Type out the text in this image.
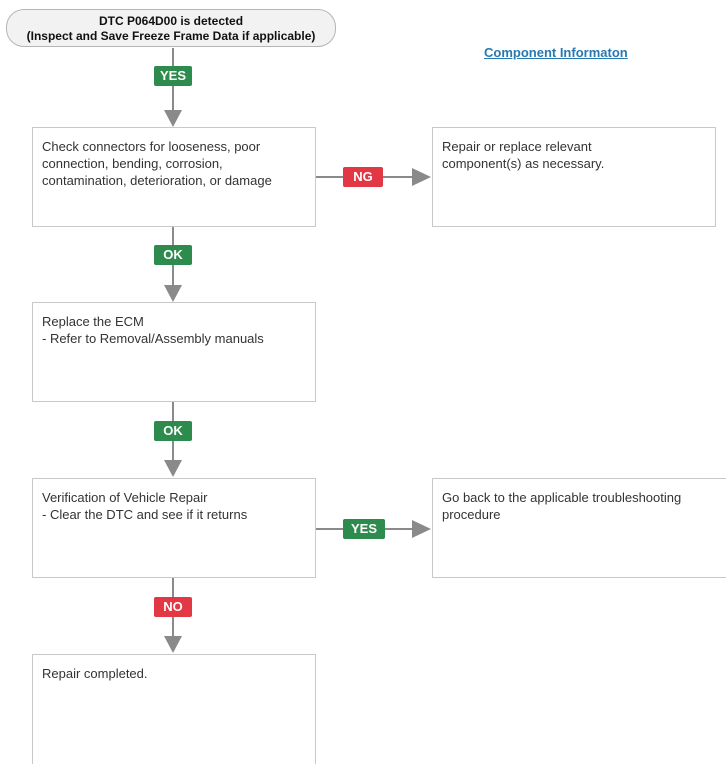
DTC P064D00 is detected
(Inspect and Save Freeze Frame Data if applicable)
Component Informaton
YES
Check connectors for looseness, poor
connection, bending, corrosion,
contamination, deterioration, or damage	NG
Repair or replace relevant
component(s) as necessary.
OK
Replace the ECM
- Refer to Removal/Assembly manuals
OK
Verification of Vehicle Repair
- Clear the DTC and see if it returns
YES
Go back to the applicable troubleshooting
procedure
NO
Repair completed.
